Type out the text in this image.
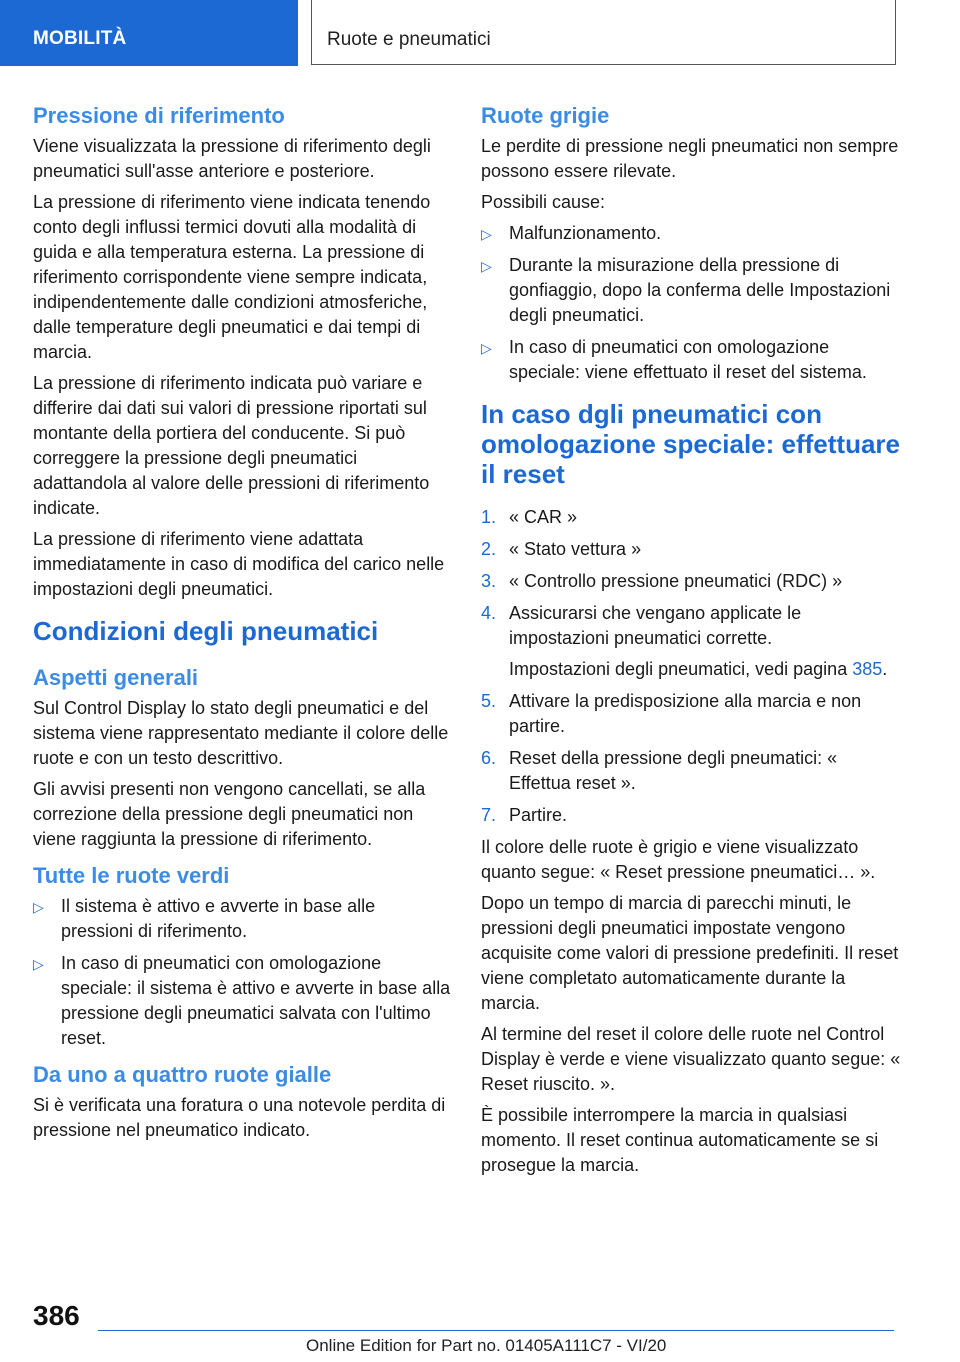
MOBILITÀ	Ruote e pneumatici
Pressione di riferimento

Viene visualizzata la pressione di riferimento degli pneumatici sull'asse anteriore e posteriore.

La pressione di riferimento viene indicata tenendo conto degli influssi termici dovuti alla modalità di guida e alla temperatura esterna. La pressione di riferimento corrispondente viene sempre indicata, indipendentemente dalle condizioni atmosferiche, dalle temperature degli pneumatici e dai tempi di marcia.

La pressione di riferimento indicata può variare e differire dai dati sui valori di pressione riportati sul montante della portiera del conducente. Si può correggere la pressione degli pneumatici adattandola al valore delle pressioni di riferimento indicate.

La pressione di riferimento viene adattata immediatamente in caso di modifica del carico nelle impostazioni degli pneumatici.

Condizioni degli pneumatici
Aspetti generali

Sul Control Display lo stato degli pneumatici e del sistema viene rappresentato mediante il colore delle ruote e con un testo descrittivo.

Gli avvisi presenti non vengono cancellati, se alla correzione della pressione degli pneumatici non viene raggiunta la pressione di riferimento.

Tutte le ruote verdi
▷ Il sistema è attivo e avverte in base alle pressioni di riferimento.
▷ In caso di pneumatici con omologazione speciale: il sistema è attivo e avverte in base alla pressione degli pneumatici salvata con l'ultimo reset.
Da uno a quattro ruote gialle

Si è verificata una foratura o una notevole perdita di pressione nel pneumatico indicato.

Ruote grigie

Le perdite di pressione negli pneumatici non sempre possono essere rilevate.

Possibili cause:

▷ Malfunzionamento.
▷ Durante la misurazione della pressione di gonfiaggio, dopo la conferma delle Impostazioni degli pneumatici.
▷ In caso di pneumatici con omologazione speciale: viene effettuato il reset del sistema.
In caso dgli pneumatici con omologazione speciale: effettuare il reset
1. « CAR »
2. « Stato vettura »
3. « Controllo pressione pneumatici (RDC) »
4. Assicurarsi che vengano applicate le impostazioni pneumatici corrette.
Impostazioni degli pneumatici, vedi pagina 385.
5. Attivare la predisposizione alla marcia e non partire.
6. Reset della pressione degli pneumatici: « Effettua reset ».
7. Partire.

Il colore delle ruote è grigio e viene visualizzato quanto segue: « Reset pressione pneumatici… ».

Dopo un tempo di marcia di parecchi minuti, le pressioni degli pneumatici impostate vengono acquisite come valori di pressione predefiniti. Il reset viene completato automaticamente durante la marcia.

Al termine del reset il colore delle ruote nel Control Display è verde e viene visualizzato quanto segue: « Reset riuscito. ».

È possibile interrompere la marcia in qualsiasi momento. Il reset continua automaticamente se si prosegue la marcia.

386
Online Edition for Part no. 01405A111C7 - VI/20
